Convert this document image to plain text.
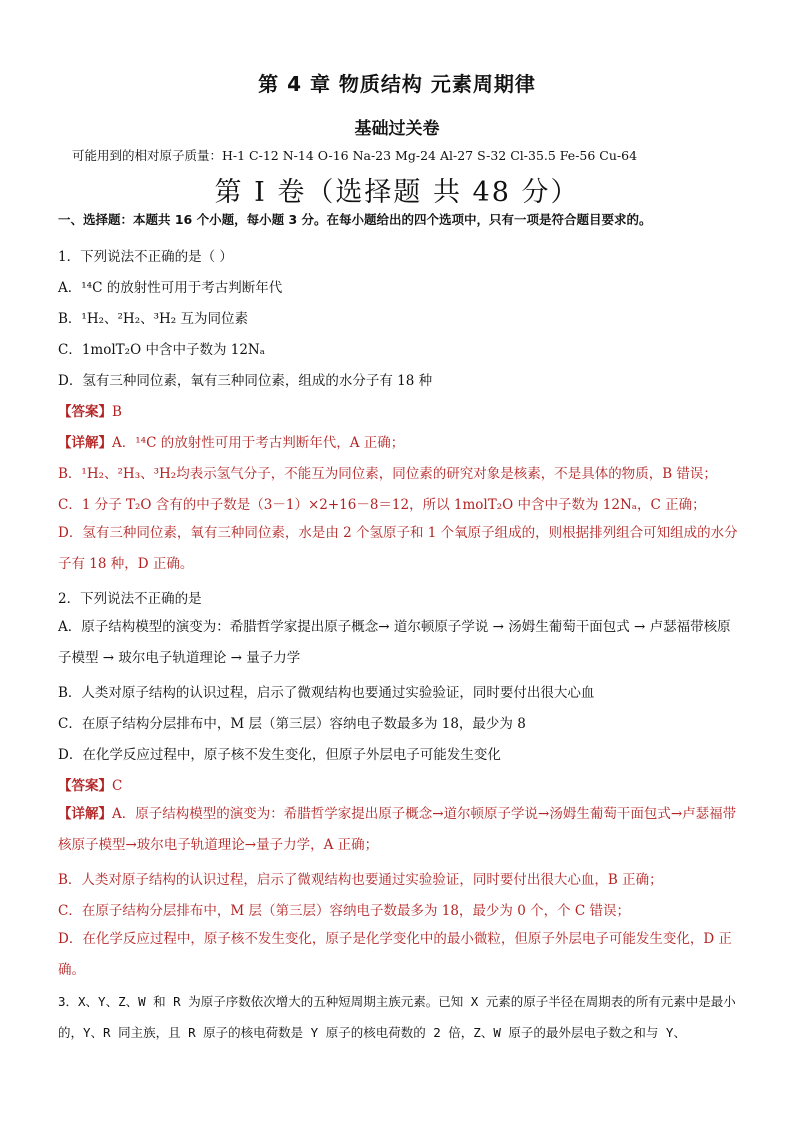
第 4 章 物质结构 元素周期律
基础过关卷
可能用到的相对原子质量：H-1 C-12 N-14 O-16 Na-23 Mg-24 Al-27 S-32 Cl-35.5 Fe-56 Cu-64
第 I 卷（选择题 共 48 分）
一、选择题：本题共 16 个小题，每小题 3 分。在每小题给出的四个选项中，只有一项是符合题目要求的。
1．下列说法不正确的是（ ）
A．¹⁴C 的放射性可用于考古判断年代
B．¹H₂、²H₂、³H₂ 互为同位素
C．1molT₂O 中含中子数为 12Nₐ
D．氢有三种同位素，氧有三种同位素，组成的水分子有 18 种
【答案】B
【详解】A．¹⁴C 的放射性可用于考古判断年代，A 正确；
B．¹H₂、²H₃、³H₂均表示氢气分子，不能互为同位素，同位素的研究对象是核素，不是具体的物质，B 错误；
C．1 分子 T₂O 含有的中子数是（3－1）×2+16－8＝12，所以 1molT₂O 中含中子数为 12Nₐ，C 正确；
D．氢有三种同位素，氧有三种同位素，水是由 2 个氢原子和 1 个氧原子组成的，则根据排列组合可知组成的水分子有 18 种，D 正确。
2．下列说法不正确的是
A．原子结构模型的演变为：希腊哲学家提出原子概念→ 道尔顿原子学说 → 汤姆生葡萄干面包式 → 卢瑟福带核原子模型 → 玻尔电子轨道理论 → 量子力学
B．人类对原子结构的认识过程，启示了微观结构也要通过实验验证，同时要付出很大心血
C．在原子结构分层排布中，M 层（第三层）容纳电子数最多为 18，最少为 8
D．在化学反应过程中，原子核不发生变化，但原子外层电子可能发生变化
【答案】C
【详解】A．原子结构模型的演变为：希腊哲学家提出原子概念→道尔顿原子学说→汤姆生葡萄干面包式→卢瑟福带核原子模型→玻尔电子轨道理论→量子力学，A 正确；
B．人类对原子结构的认识过程，启示了微观结构也要通过实验验证，同时要付出很大心血，B 正确；
C．在原子结构分层排布中，M 层（第三层）容纳电子数最多为 18，最少为 0 个，个 C 错误；
D．在化学反应过程中，原子核不发生变化，原子是化学变化中的最小微粒，但原子外层电子可能发生变化，D 正确。
3．X、Y、Z、W 和 R 为原子序数依次增大的五种短周期主族元素。已知 X 元素的原子半径在周期表的所有元素中是最小的，Y、R 同主族，且 R 原子的核电荷数是 Y 原子的核电荷数的 2 倍，Z、W 原子的最外层电子数之和与 Y、
